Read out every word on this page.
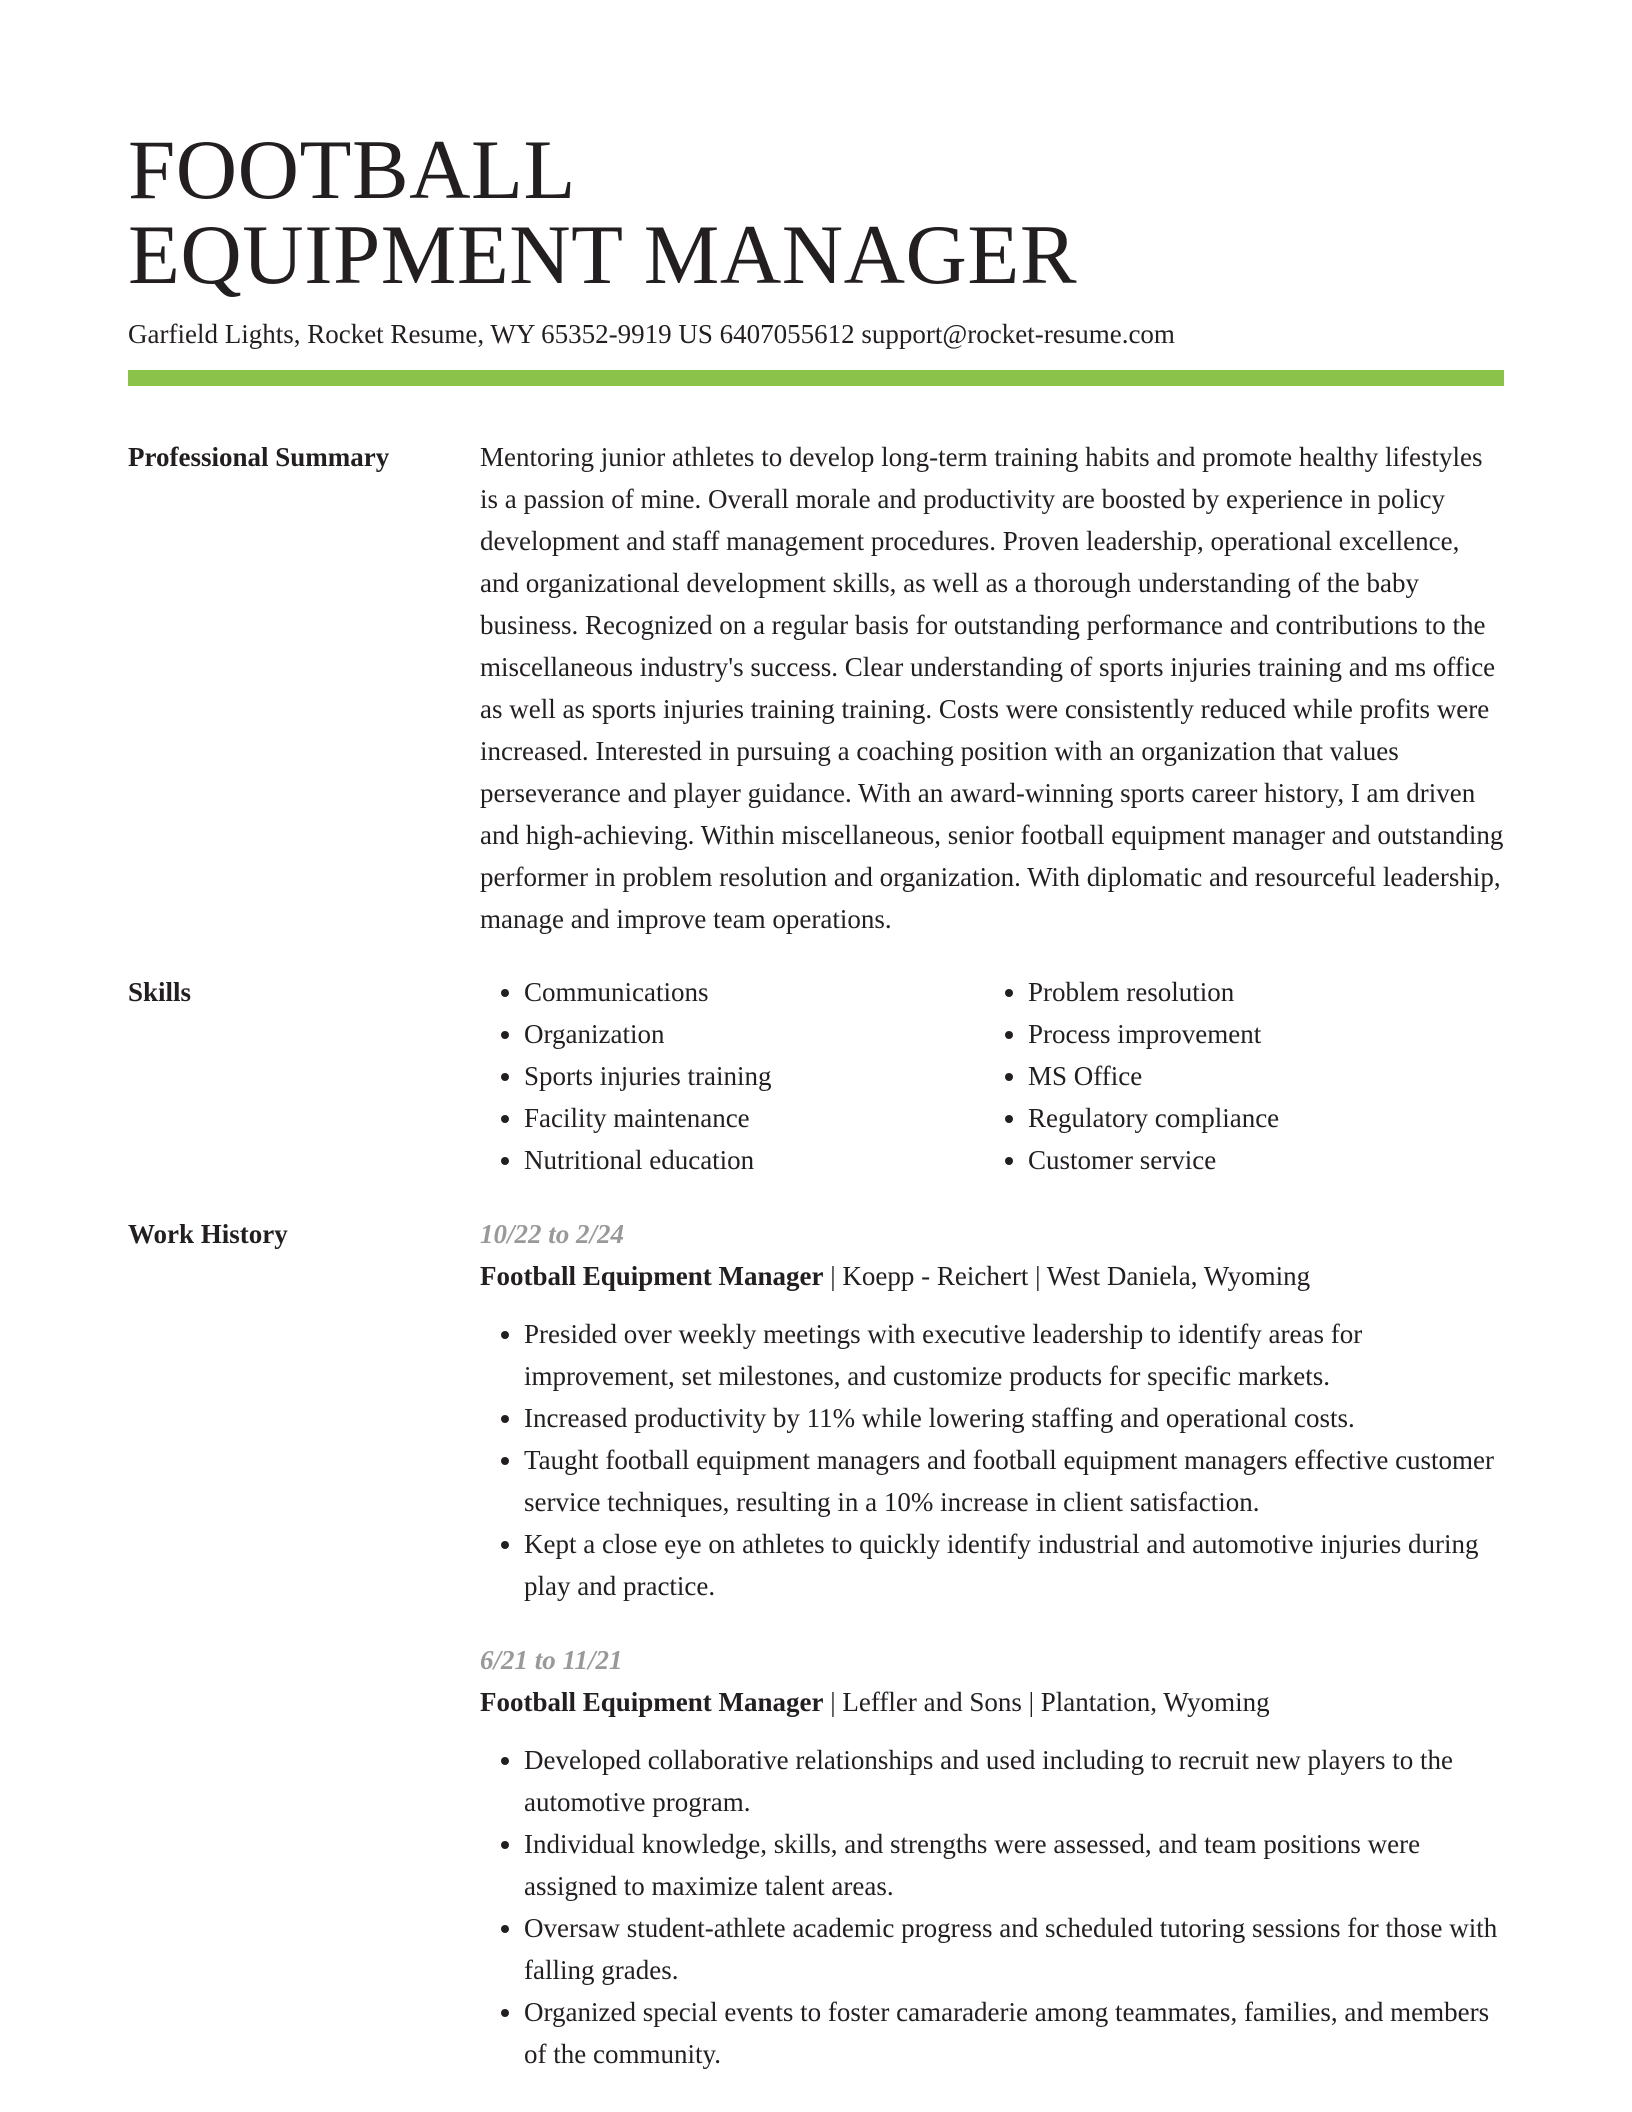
FOOTBALL
EQUIPMENT MANAGER
Garfield Lights, Rocket Resume, WY 65352-9919 US 6407055612 support@rocket-resume.com
Professional Summary	Mentoring junior athletes to develop long-term training habits and promote healthy lifestyles is a passion of mine. Overall morale and productivity are boosted by experience in policy development and staff management procedures. Proven leadership, operational excellence, and organizational development skills, as well as a thorough understanding of the baby business. Recognized on a regular basis for outstanding performance and contributions to the miscellaneous industry's success. Clear understanding of sports injuries training and ms office as well as sports injuries training training. Costs were consistently reduced while profits were increased. Interested in pursuing a coaching position with an organization that values perseverance and player guidance. With an award-winning sports career history, I am driven and high-achieving. Within miscellaneous, senior football equipment manager and outstanding performer in problem resolution and organization. With diplomatic and resourceful leadership, manage and improve team operations.

Skills
•	Communications
• Organization
• Sports injuries training
• Facility maintenance
• Nutritional education
• Problem resolution
• Process improvement
• MS Office
• Regulatory compliance
• Customer service
Work History	10/22 to 2/24
Football Equipment Manager | Koepp - Reichert | West Daniela, Wyoming
• Presided over weekly meetings with executive leadership to identify areas for improvement, set milestones, and customize products for specific markets.
• Increased productivity by 11% while lowering staffing and operational costs.
• Taught football equipment managers and football equipment managers effective customer service techniques, resulting in a 10% increase in client satisfaction.
• Kept a close eye on athletes to quickly identify industrial and automotive injuries during play and practice.
6/21 to 11/21
Football Equipment Manager | Leffler and Sons | Plantation, Wyoming
• Developed collaborative relationships and used including to recruit new players to the automotive program.
• Individual knowledge, skills, and strengths were assessed, and team positions were assigned to maximize talent areas.
• Oversaw student-athlete academic progress and scheduled tutoring sessions for those with falling grades.
• Organized special events to foster camaraderie among teammates, families, and members of the community.
